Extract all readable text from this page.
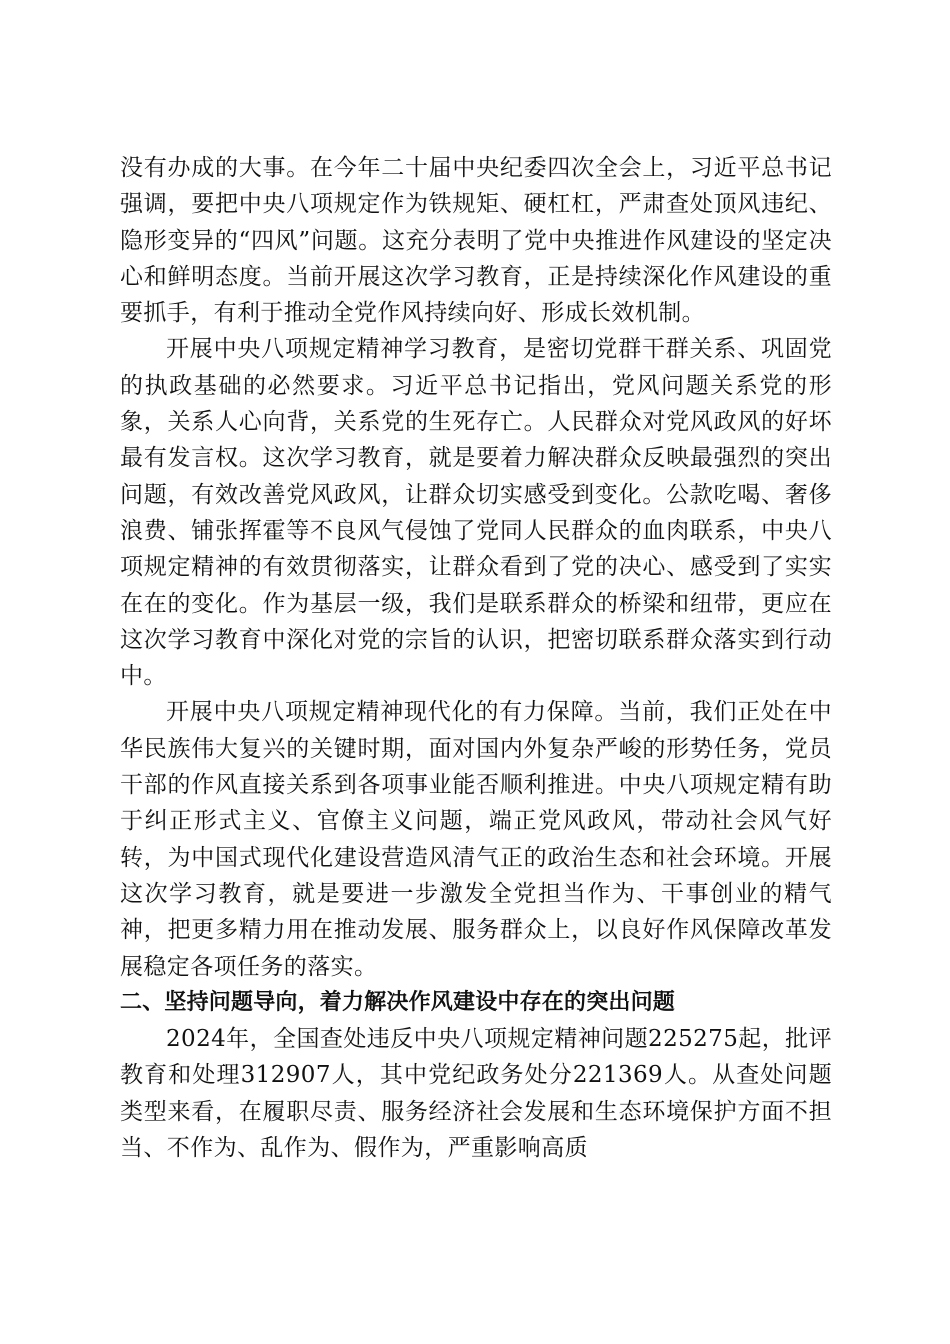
没有办成的大事。在今年二十届中央纪委四次全会上，习近平总书记强调，要把中央八项规定作为铁规矩、硬杠杠，严肃查处顶风违纪、隐形变异的“四风”问题。这充分表明了党中央推进作风建设的坚定决心和鲜明态度。当前开展这次学习教育，正是持续深化作风建设的重要抓手，有利于推动全党作风持续向好、形成长效机制。

开展中央八项规定精神学习教育，是密切党群干群关系、巩固党的执政基础的必然要求。习近平总书记指出，党风问题关系党的形象，关系人心向背，关系党的生死存亡。人民群众对党风政风的好坏最有发言权。这次学习教育，就是要着力解决群众反映最强烈的突出问题，有效改善党风政风，让群众切实感受到变化。公款吃喝、奢侈浪费、铺张挥霍等不良风气侵蚀了党同人民群众的血肉联系，中央八项规定精神的有效贯彻落实，让群众看到了党的决心、感受到了实实在在的变化。作为基层一级，我们是联系群众的桥梁和纽带，更应在这次学习教育中深化对党的宗旨的认识，把密切联系群众落实到行动中。

开展中央八项规定精神现代化的有力保障。当前，我们正处在中华民族伟大复兴的关键时期，面对国内外复杂严峻的形势任务，党员干部的作风直接关系到各项事业能否顺利推进。中央八项规定精有助于纠正形式主义、官僚主义问题，端正党风政风，带动社会风气好转，为中国式现代化建设营造风清气正的政治生态和社会环境。开展这次学习教育，就是要进一步激发全党担当作为、干事创业的精气神，把更多精力用在推动发展、服务群众上，以良好作风保障改革发展稳定各项任务的落实。

二、坚持问题导向，着力解决作风建设中存在的突出问题

2024年，全国查处违反中央八项规定精神问题225275起，批评教育和处理312907人，其中党纪政务处分221369人。从查处问题类型来看，在履职尽责、服务经济社会发展和生态环境保护方面不担当、不作为、乱作为、假作为，严重影响高质
